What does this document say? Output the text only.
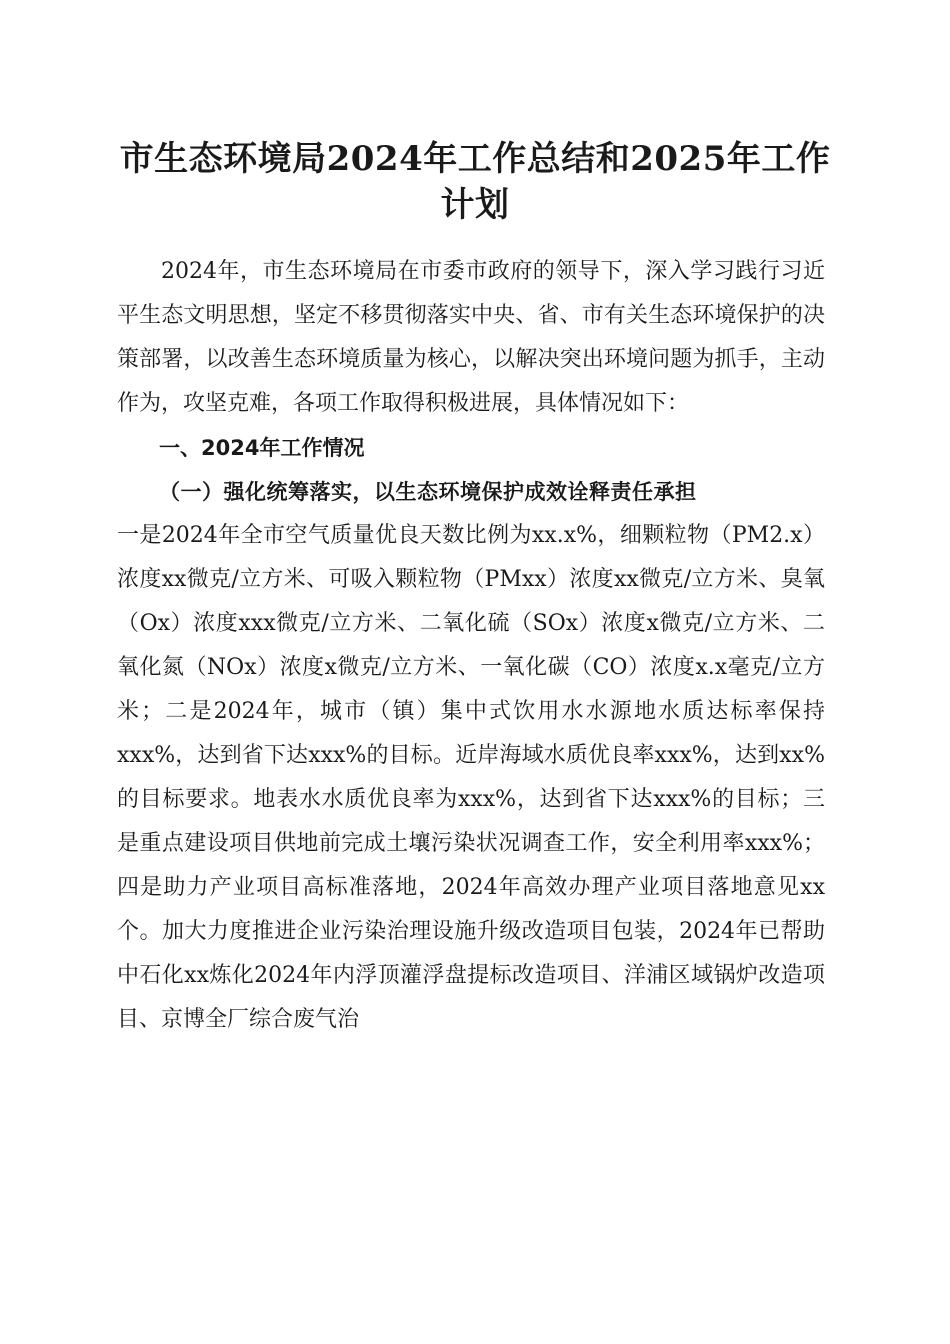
市生态环境局2024年工作总结和2025年工作计划

2024年，市生态环境局在市委市政府的领导下，深入学习践行习近平生态文明思想，坚定不移贯彻落实中央、省、市有关生态环境保护的决策部署，以改善生态环境质量为核心，以解决突出环境问题为抓手，主动作为，攻坚克难，各项工作取得积极进展，具体情况如下：

一、2024年工作情况

（一）强化统筹落实，以生态环境保护成效诠释责任承担

一是2024年全市空气质量优良天数比例为xx.x%，细颗粒物（PM2.x）浓度xx微克/立方米、可吸入颗粒物（PMxx）浓度xx微克/立方米、臭氧（Ox）浓度xxx微克/立方米、二氧化硫（SOx）浓度x微克/立方米、二氧化氮（NOx）浓度x微克/立方米、一氧化碳（CO）浓度x.x毫克/立方米；二是2024年，城市（镇）集中式饮用水水源地水质达标率保持xxx%，达到省下达xxx%的目标。近岸海域水质优良率xxx%，达到xx%的目标要求。地表水水质优良率为xxx%，达到省下达xxx%的目标；三是重点建设项目供地前完成土壤污染状况调查工作，安全利用率xxx%；四是助力产业项目高标准落地，2024年高效办理产业项目落地意见xx个。加大力度推进企业污染治理设施升级改造项目包装，2024年已帮助中石化xx炼化2024年内浮顶灌浮盘提标改造项目、洋浦区域锅炉改造项目、京博全厂综合废气治
